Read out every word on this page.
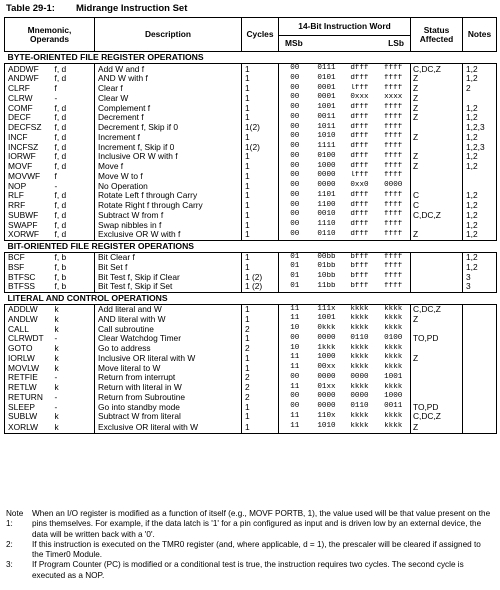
Table 29-1: Midrange Instruction Set
Mnemonic,
Operands		Description	Cycles	14-Bit Instruction Word				Status
Affected	Notes
				MSb		LSb			
BYTE-ORIENTED FILE REGISTER OPERATIONS									
ADDWF	f, d	Add W and f	1	00	0111	dfff	ffff	C,DC,Z	1,2
ANDWF	f, d	AND W with f	1	00	0101	dfff	ffff	Z	1,2
CLRF	f	Clear f	1	00	0001	lfff	ffff	Z	2
CLRW	-	Clear W	1	00	0001	0xxx	xxxx	Z	
COMF	f, d	Complement f	1	00	1001	dfff	ffff	Z	1,2
DECF	f, d	Decrement f	1	00	0011	dfff	ffff	Z	1,2
DECFSZ	f, d	Decrement f, Skip if 0	1(2)	00	1011	dfff	ffff		1,2,3
INCF	f, d	Increment f	1	00	1010	dfff	ffff	Z	1,2
INCFSZ	f, d	Increment f, Skip if 0	1(2)	00	1111	dfff	ffff		1,2,3
IORWF	f, d	Inclusive OR W with f	1	00	0100	dfff	ffff	Z	1,2
MOVF	f, d	Move f	1	00	1000	dfff	ffff	Z	1,2
MOVWF	f	Move W to f	1	00	0000	lfff	ffff		
NOP	-	No Operation	1	00	0000	0xx0	0000		
RLF	f, d	Rotate Left f through Carry	1	00	1101	dfff	ffff	C	1,2
RRF	f, d	Rotate Right f through Carry	1	00	1100	dfff	ffff	C	1,2
SUBWF	f, d	Subtract W from f	1	00	0010	dfff	ffff	C,DC,Z	1,2
SWAPF	f, d	Swap nibbles in f	1	00	1110	dfff	ffff		1,2
XORWF	f, d	Exclusive OR W with f	1	00	0110	dfff	ffff	Z	1,2
BIT-ORIENTED FILE REGISTER OPERATIONS									
BCF	f, b	Bit Clear f	1	01	00bb	bfff	ffff		1,2
BSF	f, b	Bit Set f	1	01	01bb	bfff	ffff		1,2
BTFSC	f, b	Bit Test f, Skip if Clear	1 (2)	01	10bb	bfff	ffff		3
BTFSS	f, b	Bit Test f, Skip if Set	1 (2)	01	11bb	bfff	ffff		3
LITERAL AND CONTROL OPERATIONS									
ADDLW	k	Add literal and W	1	11	111x	kkkk	kkkk	C,DC,Z	
ANDLW	k	AND literal with W	1	11	1001	kkkk	kkkk	Z	
CALL	k	Call subroutine	2	10	0kkk	kkkk	kkkk		
CLRWDT	-	Clear Watchdog Timer	1	00	0000	0110	0100	TO,PD	
GOTO	k	Go to address	2	10	1kkk	kkkk	kkkk		
IORLW	k	Inclusive OR literal with W	1	11	1000	kkkk	kkkk	Z	
MOVLW	k	Move literal to W	1	11	00xx	kkkk	kkkk		
RETFIE	-	Return from interrupt	2	00	0000	0000	1001		
RETLW	k	Return with literal in W	2	11	01xx	kkkk	kkkk		
RETURN	-	Return from Subroutine	2	00	0000	0000	1000		
SLEEP	-	Go into standby mode	1	00	0000	0110	0011	TO,PD	
SUBLW	k	Subtract W from literal	1	11	110x	kkkk	kkkk	C,DC,Z	
XORLW	k	Exclusive OR literal with W	1	11	1010	kkkk	kkkk	Z	
Note 1:
When an I/O register is modified as a function of itself (e.g., MOVF PORTB, 1), the value used will be that value present on the pins themselves. For example, if the data latch is '1' for a pin configured as input and is driven low by an external device, the data will be written back with a '0'.
2:	If this instruction is executed on the TMR0 register (and, where applicable, d = 1), the prescaler will be cleared if assigned to the Timer0 Module.
3:	If Program Counter (PC) is modified or a conditional test is true, the instruction requires two cycles. The second cycle is executed as a NOP.
